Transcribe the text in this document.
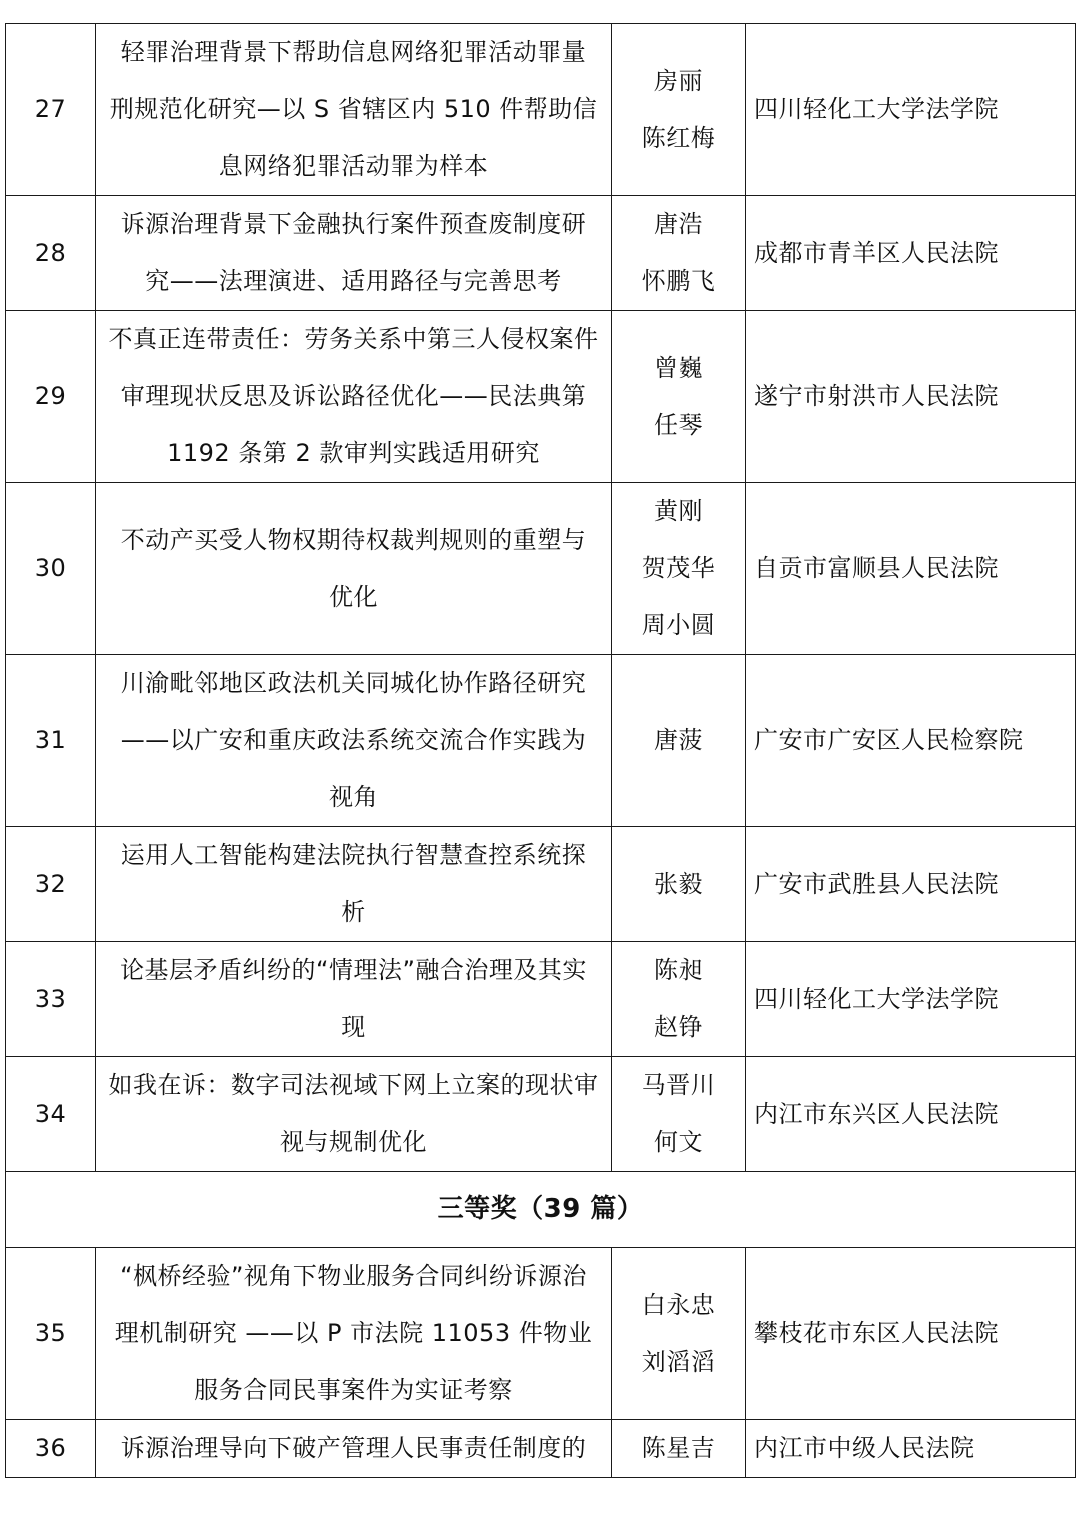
27	轻罪治理背景下帮助信息网络犯罪活动罪量
刑规范化研究—以 S 省辖区内 510 件帮助信
息网络犯罪活动罪为样本	房丽
陈红梅	四川轻化工大学法学院
28	诉源治理背景下金融执行案件预查废制度研
究——法理演进、适用路径与完善思考	唐浩
怀鹏飞	成都市青羊区人民法院
29	不真正连带责任：劳务关系中第三人侵权案件
审理现状反思及诉讼路径优化——民法典第
1192 条第 2 款审判实践适用研究	曾巍
任琴	遂宁市射洪市人民法院
30	不动产买受人物权期待权裁判规则的重塑与
优化	黄刚
贺茂华
周小圆	自贡市富顺县人民法院
31	川渝毗邻地区政法机关同城化协作路径研究
——以广安和重庆政法系统交流合作实践为
视角	唐菠	广安市广安区人民检察院
32	运用人工智能构建法院执行智慧查控系统探
析	张毅	广安市武胜县人民法院
33	论基层矛盾纠纷的“情理法”融合治理及其实
现	陈昶
赵铮	四川轻化工大学法学院
34	如我在诉：数字司法视域下网上立案的现状审
视与规制优化	马晋川
何文	内江市东兴区人民法院
三等奖（39 篇）			
35	“枫桥经验”视角下物业服务合同纠纷诉源治
理机制研究 ——以 P 市法院 11053 件物业
服务合同民事案件为实证考察	白永忠
刘滔滔	攀枝花市东区人民法院
36	诉源治理导向下破产管理人民事责任制度的	陈星吉	内江市中级人民法院
